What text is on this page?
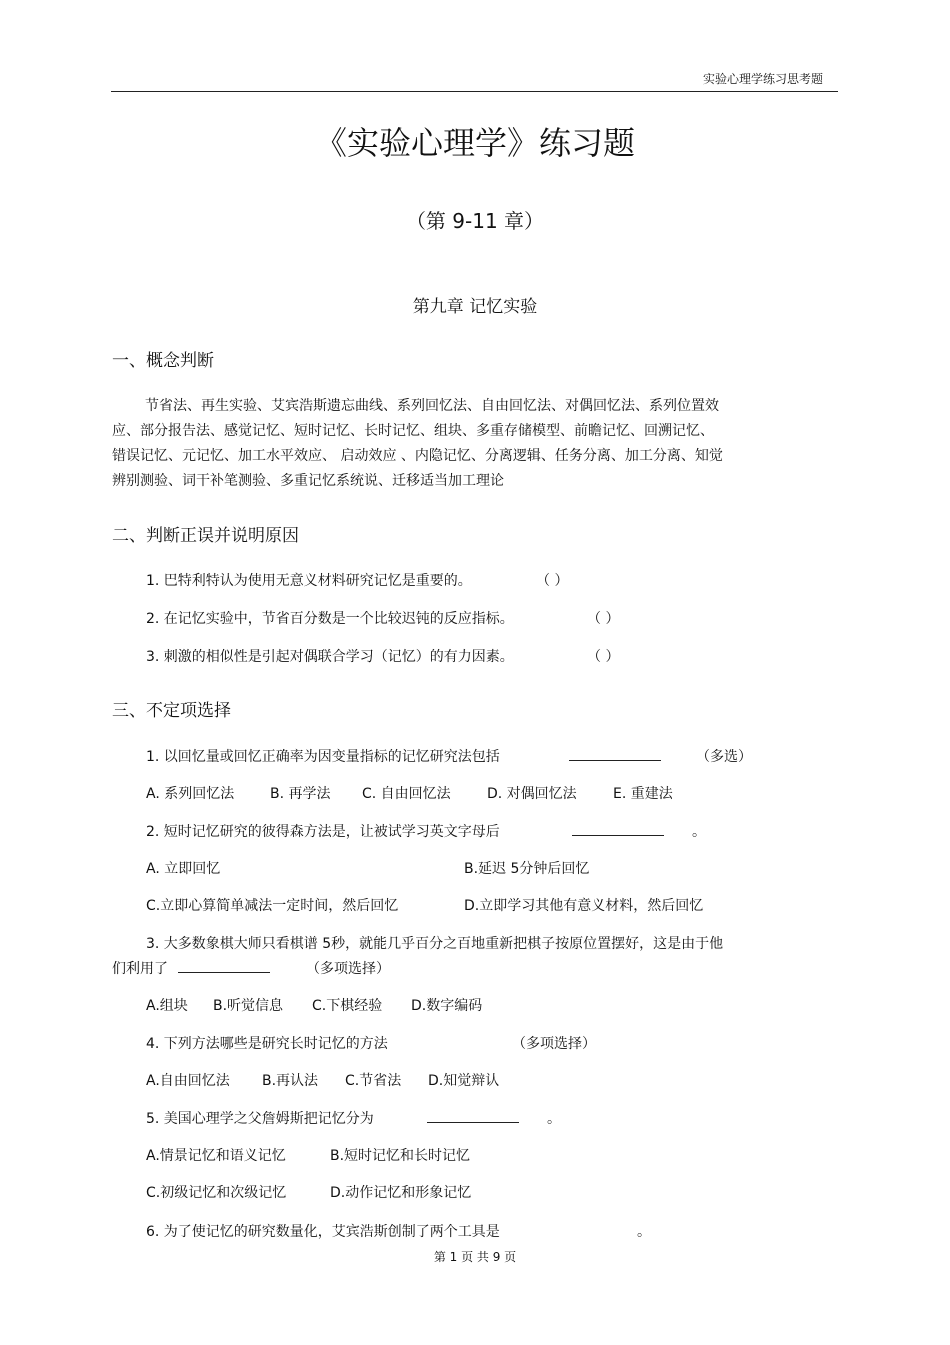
实验心理学练习思考题
《实验心理学》练习题
（第 9-11 章）
第九章 记忆实验
一、概念判断
节省法、再生实验、艾宾浩斯遗忘曲线、系列回忆法、自由回忆法、对偶回忆法、系列位置效
应、部分报告法、感觉记忆、短时记忆、长时记忆、组块、多重存储模型、前瞻记忆、回溯记忆、
错误记忆、元记忆、加工水平效应、 启动效应 、内隐记忆、分离逻辑、任务分离、加工分离、知觉
辨别测验、词干补笔测验、多重记忆系统说、迁移适当加工理论
二、判断正误并说明原因
1. 巴特利特认为使用无意义材料研究记忆是重要的。	（ ）
2. 在记忆实验中，节省百分数是一个比较迟钝的反应指标。	（ ）
3. 刺激的相似性是引起对偶联合学习（记忆）的有力因素。	（ ）
三、不定项选择
1. 以回忆量或回忆正确率为因变量指标的记忆研究法包括	（多选）
A. 系列回忆法	B. 再学法 C. 自由回忆法	D. 对偶回忆法	E. 重建法
2. 短时记忆研究的彼得森方法是，让被试学习英文字母后	。
A. 立即回忆	B.延迟 5分钟后回忆
C.立即心算简单减法一定时间，然后回忆	D.立即学习其他有意义材料，然后回忆
3. 大多数象棋大师只看棋谱 5秒，就能几乎百分之百地重新把棋子按原位置摆好，这是由于他
们利用了	（多项选择）
A.组块 B.听觉信息 C.下棋经验 D.数字编码
4. 下列方法哪些是研究长时记忆的方法	（多项选择）
A.自由回忆法 B.再认法 C.节省法 D.知觉辩认
5. 美国心理学之父詹姆斯把记忆分为	。
A.情景记忆和语义记忆	B.短时记忆和长时记忆
C.初级记忆和次级记忆	D.动作记忆和形象记忆
6. 为了使记忆的研究数量化，艾宾浩斯创制了两个工具是	。
第 1 页 共 9 页
